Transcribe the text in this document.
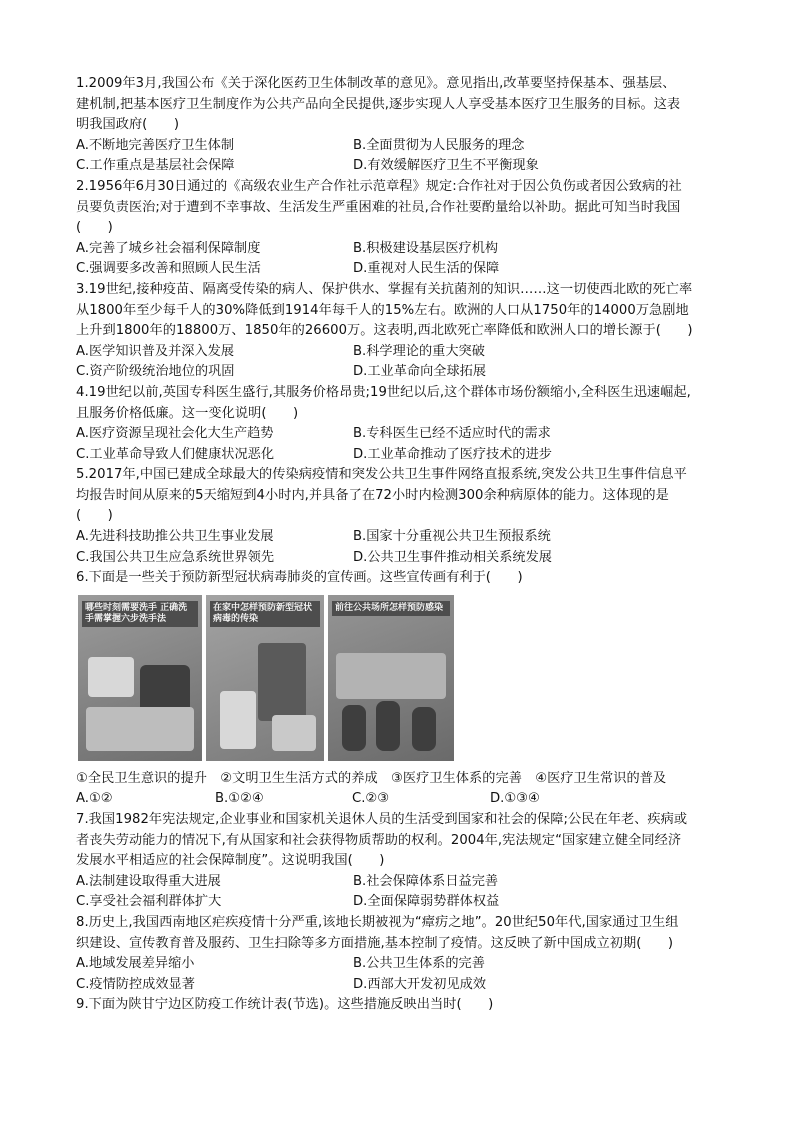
1.2009年3月,我国公布《关于深化医药卫生体制改革的意见》。意见指出,改革要坚持保基本、强基层、
建机制,把基本医疗卫生制度作为公共产品向全民提供,逐步实现人人享受基本医疗卫生服务的目标。这表
明我国政府(　　)
A.不断地完善医疗卫生体制	B.全面贯彻为人民服务的理念
C.工作重点是基层社会保障	D.有效缓解医疗卫生不平衡现象
2.1956年6月30日通过的《高级农业生产合作社示范章程》规定:合作社对于因公负伤或者因公致病的社
员要负责医治;对于遭到不幸事故、生活发生严重困难的社员,合作社要酌量给以补助。据此可知当时我国
(　　)
A.完善了城乡社会福利保障制度	B.积极建设基层医疗机构
C.强调要多改善和照顾人民生活	D.重视对人民生活的保障
3.19世纪,接种疫苗、隔离受传染的病人、保护供水、掌握有关抗菌剂的知识……这一切使西北欧的死亡率
从1800年至少每千人的30%降低到1914年每千人的15%左右。欧洲的人口从1750年的14000万急剧地
上升到1800年的18800万、1850年的26600万。这表明,西北欧死亡率降低和欧洲人口的增长源于(　　)
A.医学知识普及并深入发展	B.科学理论的重大突破
C.资产阶级统治地位的巩固	D.工业革命向全球拓展
4.19世纪以前,英国专科医生盛行,其服务价格昂贵;19世纪以后,这个群体市场份额缩小,全科医生迅速崛起,
且服务价格低廉。这一变化说明(　　)
A.医疗资源呈现社会化大生产趋势	B.专科医生已经不适应时代的需求
C.工业革命导致人们健康状况恶化	D.工业革命推动了医疗技术的进步
5.2017年,中国已建成全球最大的传染病疫情和突发公共卫生事件网络直报系统,突发公共卫生事件信息平
均报告时间从原来的5天缩短到4小时内,并具备了在72小时内检测300余种病原体的能力。这体现的是
(　　)
A.先进科技助推公共卫生事业发展	B.国家十分重视公共卫生预报系统
C.我国公共卫生应急系统世界领先	D.公共卫生事件推动相关系统发展
6.下面是一些关于预防新型冠状病毒肺炎的宣传画。这些宣传画有利于(　　)
哪些时刻需要洗手 正确洗手需掌握六步洗手法
在家中怎样预防新型冠状病毒的传染
前往公共场所怎样预防感染
①全民卫生意识的提升　②文明卫生生活方式的养成　③医疗卫生体系的完善　④医疗卫生常识的普及
A.①②	B.①②④	C.②③	D.①③④
7.我国1982年宪法规定,企业事业和国家机关退休人员的生活受到国家和社会的保障;公民在年老、疾病或
者丧失劳动能力的情况下,有从国家和社会获得物质帮助的权利。2004年,宪法规定“国家建立健全同经济
发展水平相适应的社会保障制度”。这说明我国(　　)
A.法制建设取得重大进展	B.社会保障体系日益完善
C.享受社会福利群体扩大	D.全面保障弱势群体权益
8.历史上,我国西南地区疟疾疫情十分严重,该地长期被视为“瘴疠之地”。20世纪50年代,国家通过卫生组
织建设、宣传教育普及服药、卫生扫除等多方面措施,基本控制了疫情。这反映了新中国成立初期(　　)
A.地域发展差异缩小	B.公共卫生体系的完善
C.疫情防控成效显著	D.西部大开发初见成效
9.下面为陕甘宁边区防疫工作统计表(节选)。这些措施反映出当时(　　)
